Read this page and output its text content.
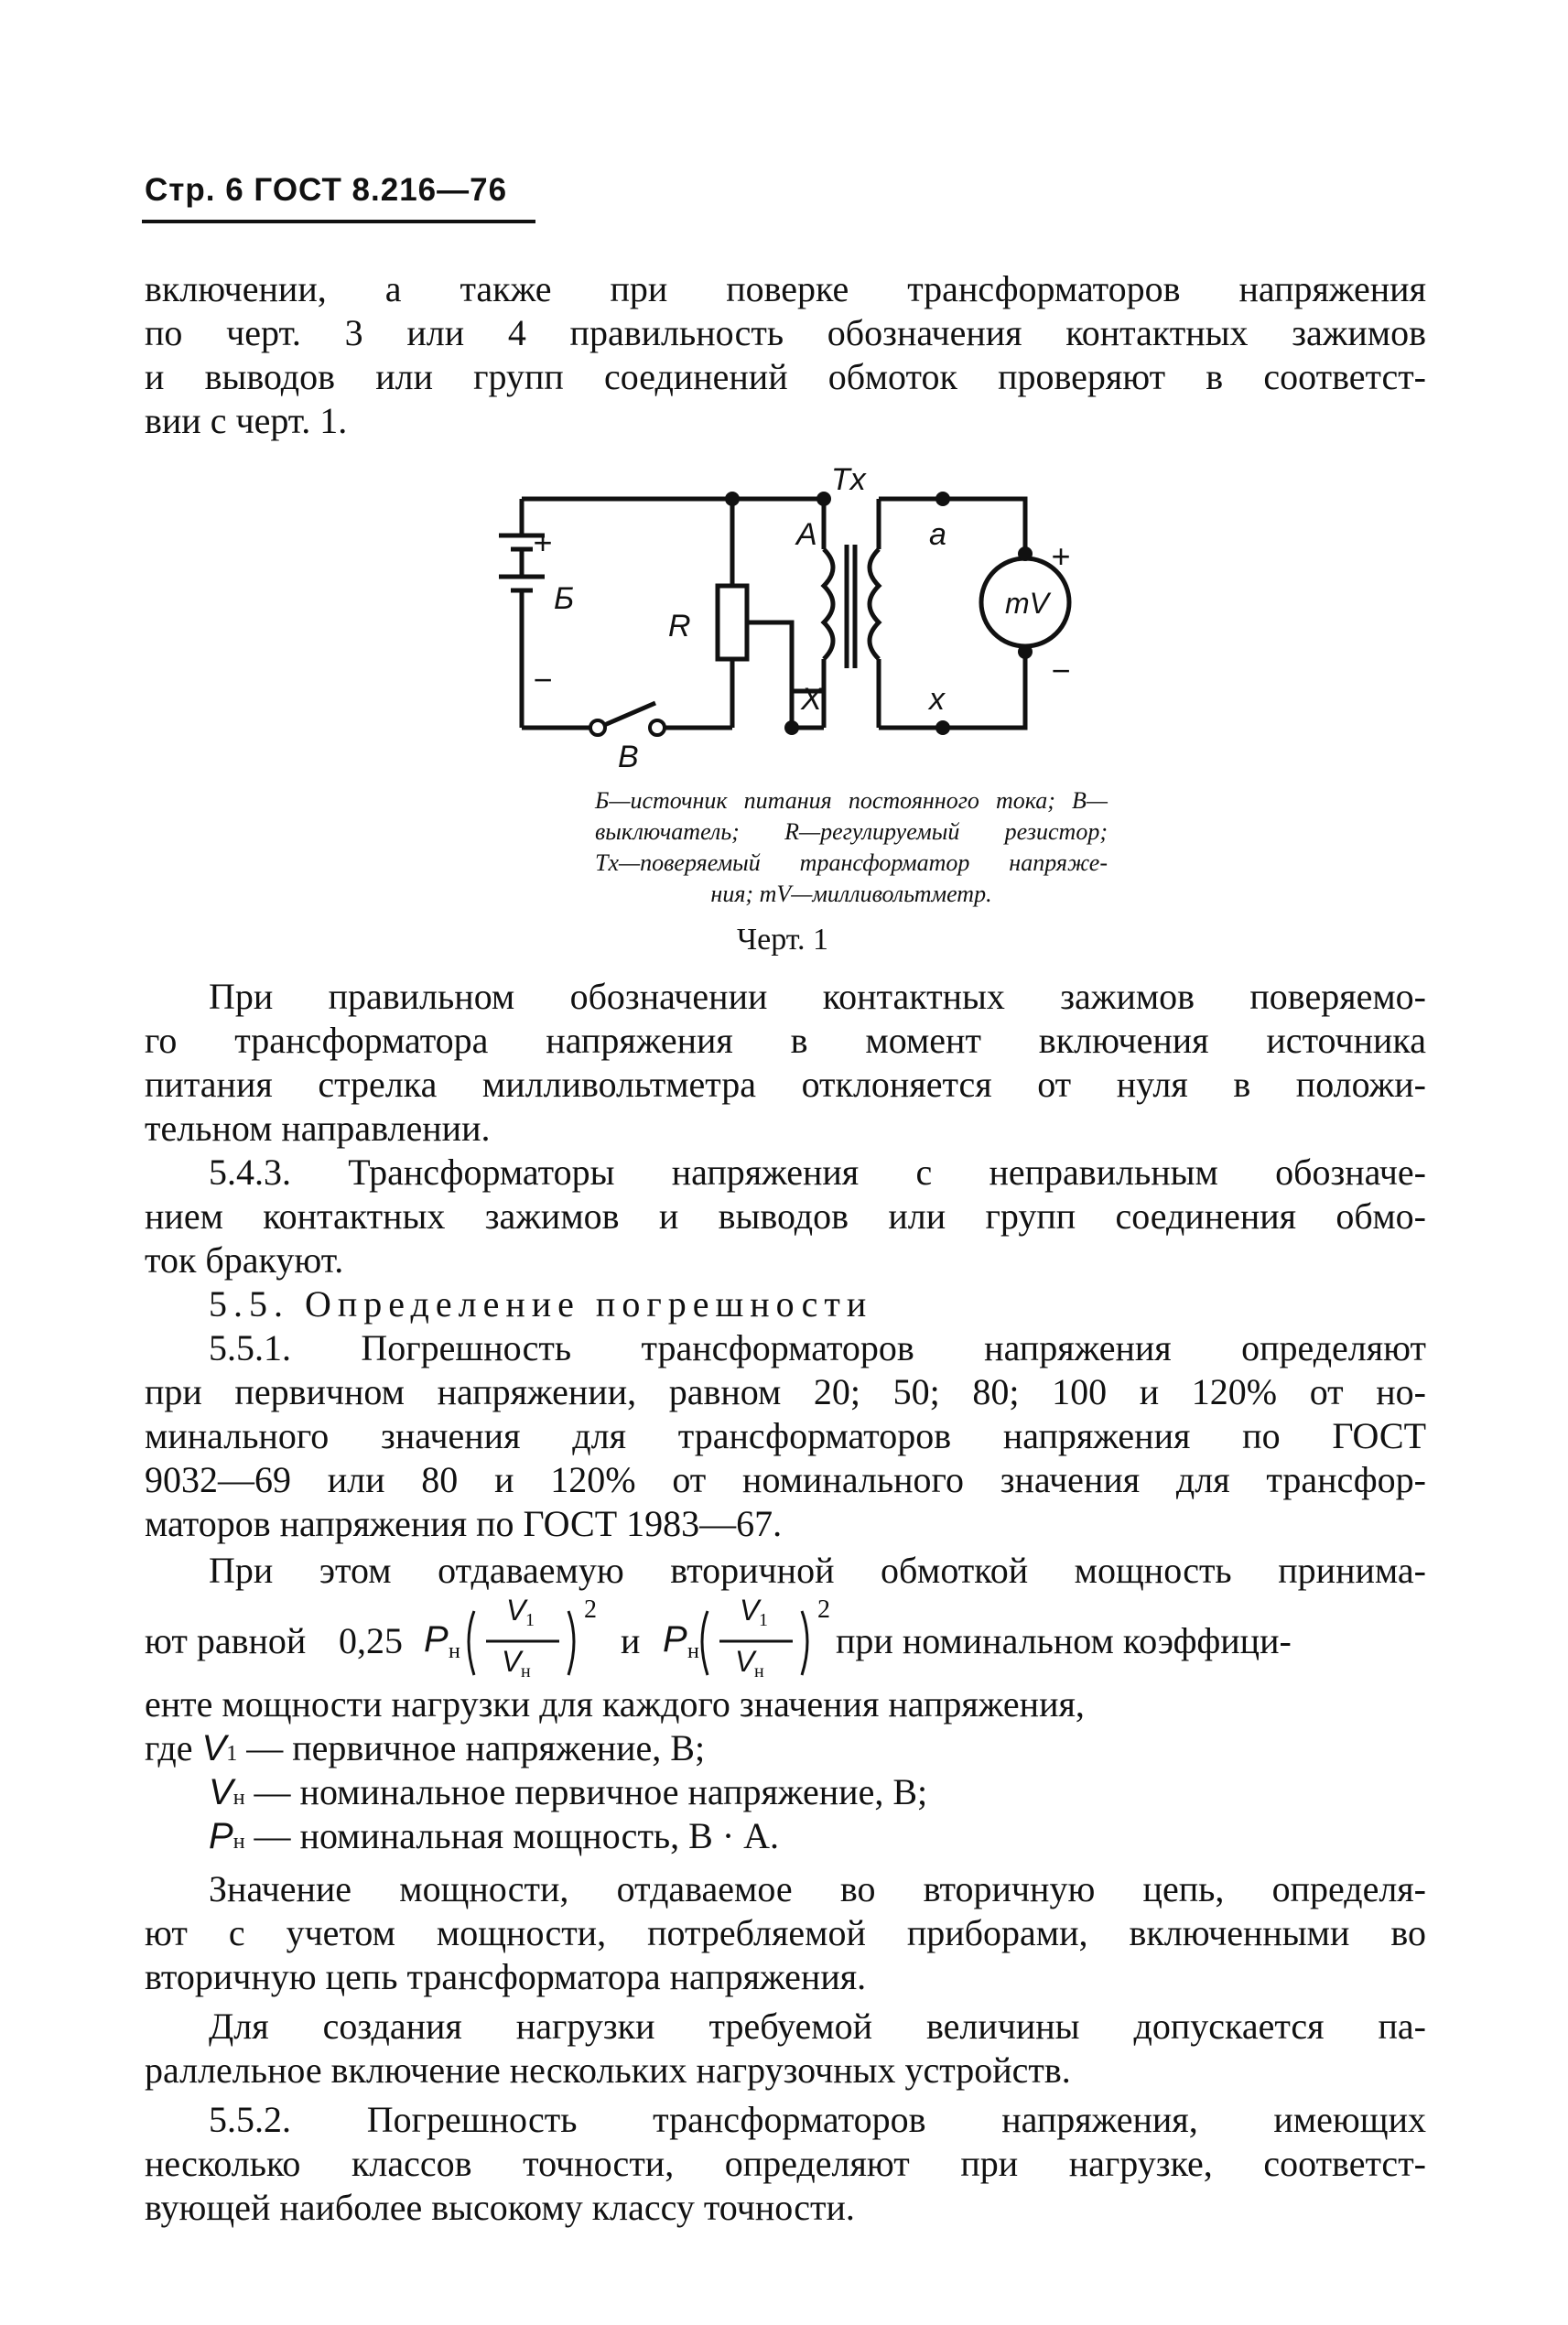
Стр. 6 ГОСТ 8.216—76

включении, а также при поверке трансформаторов напряжения

по черт. 3 или 4 правильность обозначения контактных зажимов

и выводов или групп соединений обмоток проверяют в соответст-

вии с черт. 1.

Tx
A	a
X	x
Б
R
mV
В
+
−
+
−

Б—источник питания постоянного тока; В—

выключатель; R—регулируемый резистор;

Tx—поверяемый трансформатор напряже-

ния; mV—милливольтметр.

Черт. 1

При правильном обозначении контактных зажимов поверяемо-

го трансформатора напряжения в момент включения источника

питания стрелка милливольтметра отклоняется от нуля в положи-

тельном направлении.

5.4.3. Трансформаторы напряжения с неправильным обозначе-

нием контактных зажимов и выводов или групп соединения обмо-

ток бракуют.

5.5. Определение погрешности

5.5.1. Погрешность трансформаторов напряжения определяют

при первичном напряжении, равном 20; 50; 80; 100 и 120% от но-

минального значения для трансформаторов напряжения по ГОСТ

9032—69 или 80 и 120% от номинального значения для трансфор-

маторов напряжения по ГОСТ 1983—67.

При этом отдаваемую вторичной обмоткой мощность принима-

ют равной 0,25 P н
V 1
V н
2
и P н
V 1
V н
2
при номинальном коэффици-

енте мощности нагрузки для каждого значения напряжения,

где V1 — первичное напряжение, В;
Vн — номинальное первичное напряжение, В;
Pн — номинальная мощность, В · А.

Значение мощности, отдаваемое во вторичную цепь, определя-

ют с учетом мощности, потребляемой приборами, включенными во

вторичную цепь трансформатора напряжения.

Для создания нагрузки требуемой величины допускается па-

раллельное включение нескольких нагрузочных устройств.

5.5.2. Погрешность трансформаторов напряжения, имеющих

несколько классов точности, определяют при нагрузке, соответст-

вующей наиболее высокому классу точности.
